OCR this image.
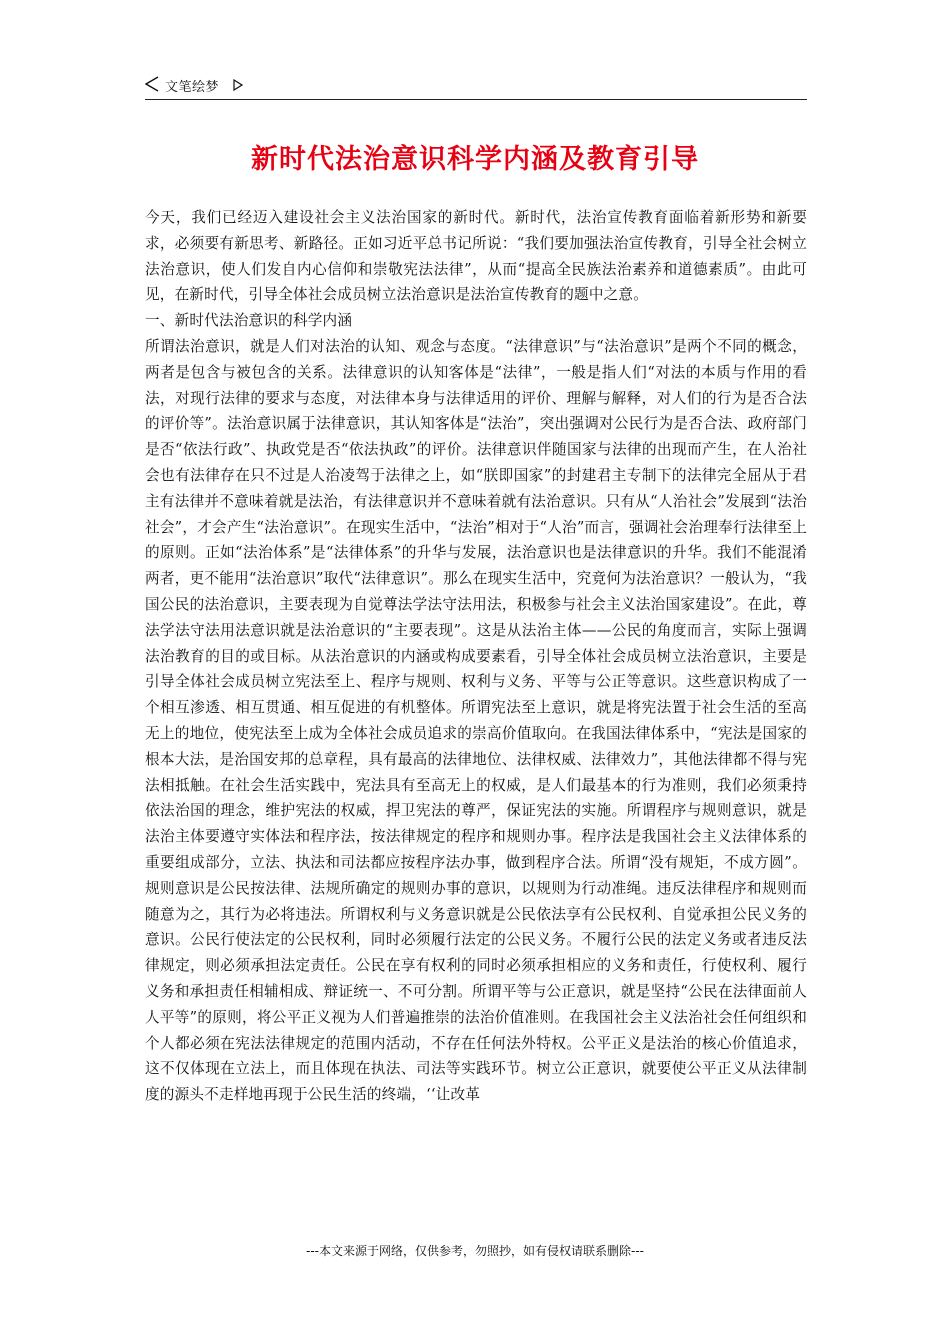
文笔绘梦
新时代法治意识科学内涵及教育引导

今天，我们已经迈入建设社会主义法治国家的新时代。新时代，法治宣传教育面临着新形势和新要求，必须要有新思考、新路径。正如习近平总书记所说：“我们要加强法治宣传教育，引导全社会树立法治意识，使人们发自内心信仰和崇敬宪法法律”，从而“提高全民族法治素养和道德素质”。由此可见，在新时代，引导全体社会成员树立法治意识是法治宣传教育的题中之意。

一、新时代法治意识的科学内涵

所谓法治意识，就是人们对法治的认知、观念与态度。“法律意识”与“法治意识”是两个不同的概念，两者是包含与被包含的关系。法律意识的认知客体是“法律”，一般是指人们“对法的本质与作用的看法，对现行法律的要求与态度，对法律本身与法律适用的评价、理解与解释，对人们的行为是否合法的评价等”。法治意识属于法律意识，其认知客体是“法治”，突出强调对公民行为是否合法、政府部门是否“依法行政”、执政党是否“依法执政”的评价。法律意识伴随国家与法律的出现而产生，在人治社会也有法律存在只不过是人治凌驾于法律之上，如“朕即国家”的封建君主专制下的法律完全屈从于君主有法律并不意味着就是法治，有法律意识并不意味着就有法治意识。只有从“人治社会”发展到“法治社会”，才会产生“法治意识”。在现实生活中，“法治”相对于“人治”而言，强调社会治理奉行法律至上的原则。正如“法治体系”是“法律体系”的升华与发展，法治意识也是法律意识的升华。我们不能混淆两者，更不能用“法治意识”取代“法律意识”。那么在现实生活中，究竟何为法治意识？一般认为，“我国公民的法治意识，主要表现为自觉尊法学法守法用法，积极参与社会主义法治国家建设”。在此，尊法学法守法用法意识就是法治意识的“主要表现”。这是从法治主体——公民的角度而言，实际上强调法治教育的目的或目标。从法治意识的内涵或构成要素看，引导全体社会成员树立法治意识，主要是引导全体社会成员树立宪法至上、程序与规则、权利与义务、平等与公正等意识。这些意识构成了一个相互渗透、相互贯通、相互促进的有机整体。所谓宪法至上意识，就是将宪法置于社会生活的至高无上的地位，使宪法至上成为全体社会成员追求的崇高价值取向。在我国法律体系中，“宪法是国家的根本大法，是治国安邦的总章程，具有最高的法律地位、法律权威、法律效力”，其他法律都不得与宪法相抵触。在社会生活实践中，宪法具有至高无上的权威，是人们最基本的行为准则，我们必须秉持依法治国的理念，维护宪法的权威，捍卫宪法的尊严，保证宪法的实施。所谓程序与规则意识，就是法治主体要遵守实体法和程序法，按法律规定的程序和规则办事。程序法是我国社会主义法律体系的重要组成部分，立法、执法和司法都应按程序法办事，做到程序合法。所谓“没有规矩，不成方圆”。规则意识是公民按法律、法规所确定的规则办事的意识，以规则为行动准绳。违反法律程序和规则而随意为之，其行为必将违法。所谓权利与义务意识就是公民依法享有公民权利、自觉承担公民义务的意识。公民行使法定的公民权利，同时必须履行法定的公民义务。不履行公民的法定义务或者违反法律规定，则必须承担法定责任。公民在享有权利的同时必须承担相应的义务和责任，行使权利、履行义务和承担责任相辅相成、辩证统一、不可分割。所谓平等与公正意识，就是坚持“公民在法律面前人人平等”的原则，将公平正义视为人们普遍推崇的法治价值准则。在我国社会主义法治社会任何组织和个人都必须在宪法法律规定的范围内活动，不存在任何法外特权。公平正义是法治的核心价值追求，这不仅体现在立法上，而且体现在执法、司法等实践环节。树立公正意识，就要使公平正义从法律制度的源头不走样地再现于公民生活的终端，‘‘让改革

---本文来源于网络，仅供参考，勿照抄，如有侵权请联系删除---
